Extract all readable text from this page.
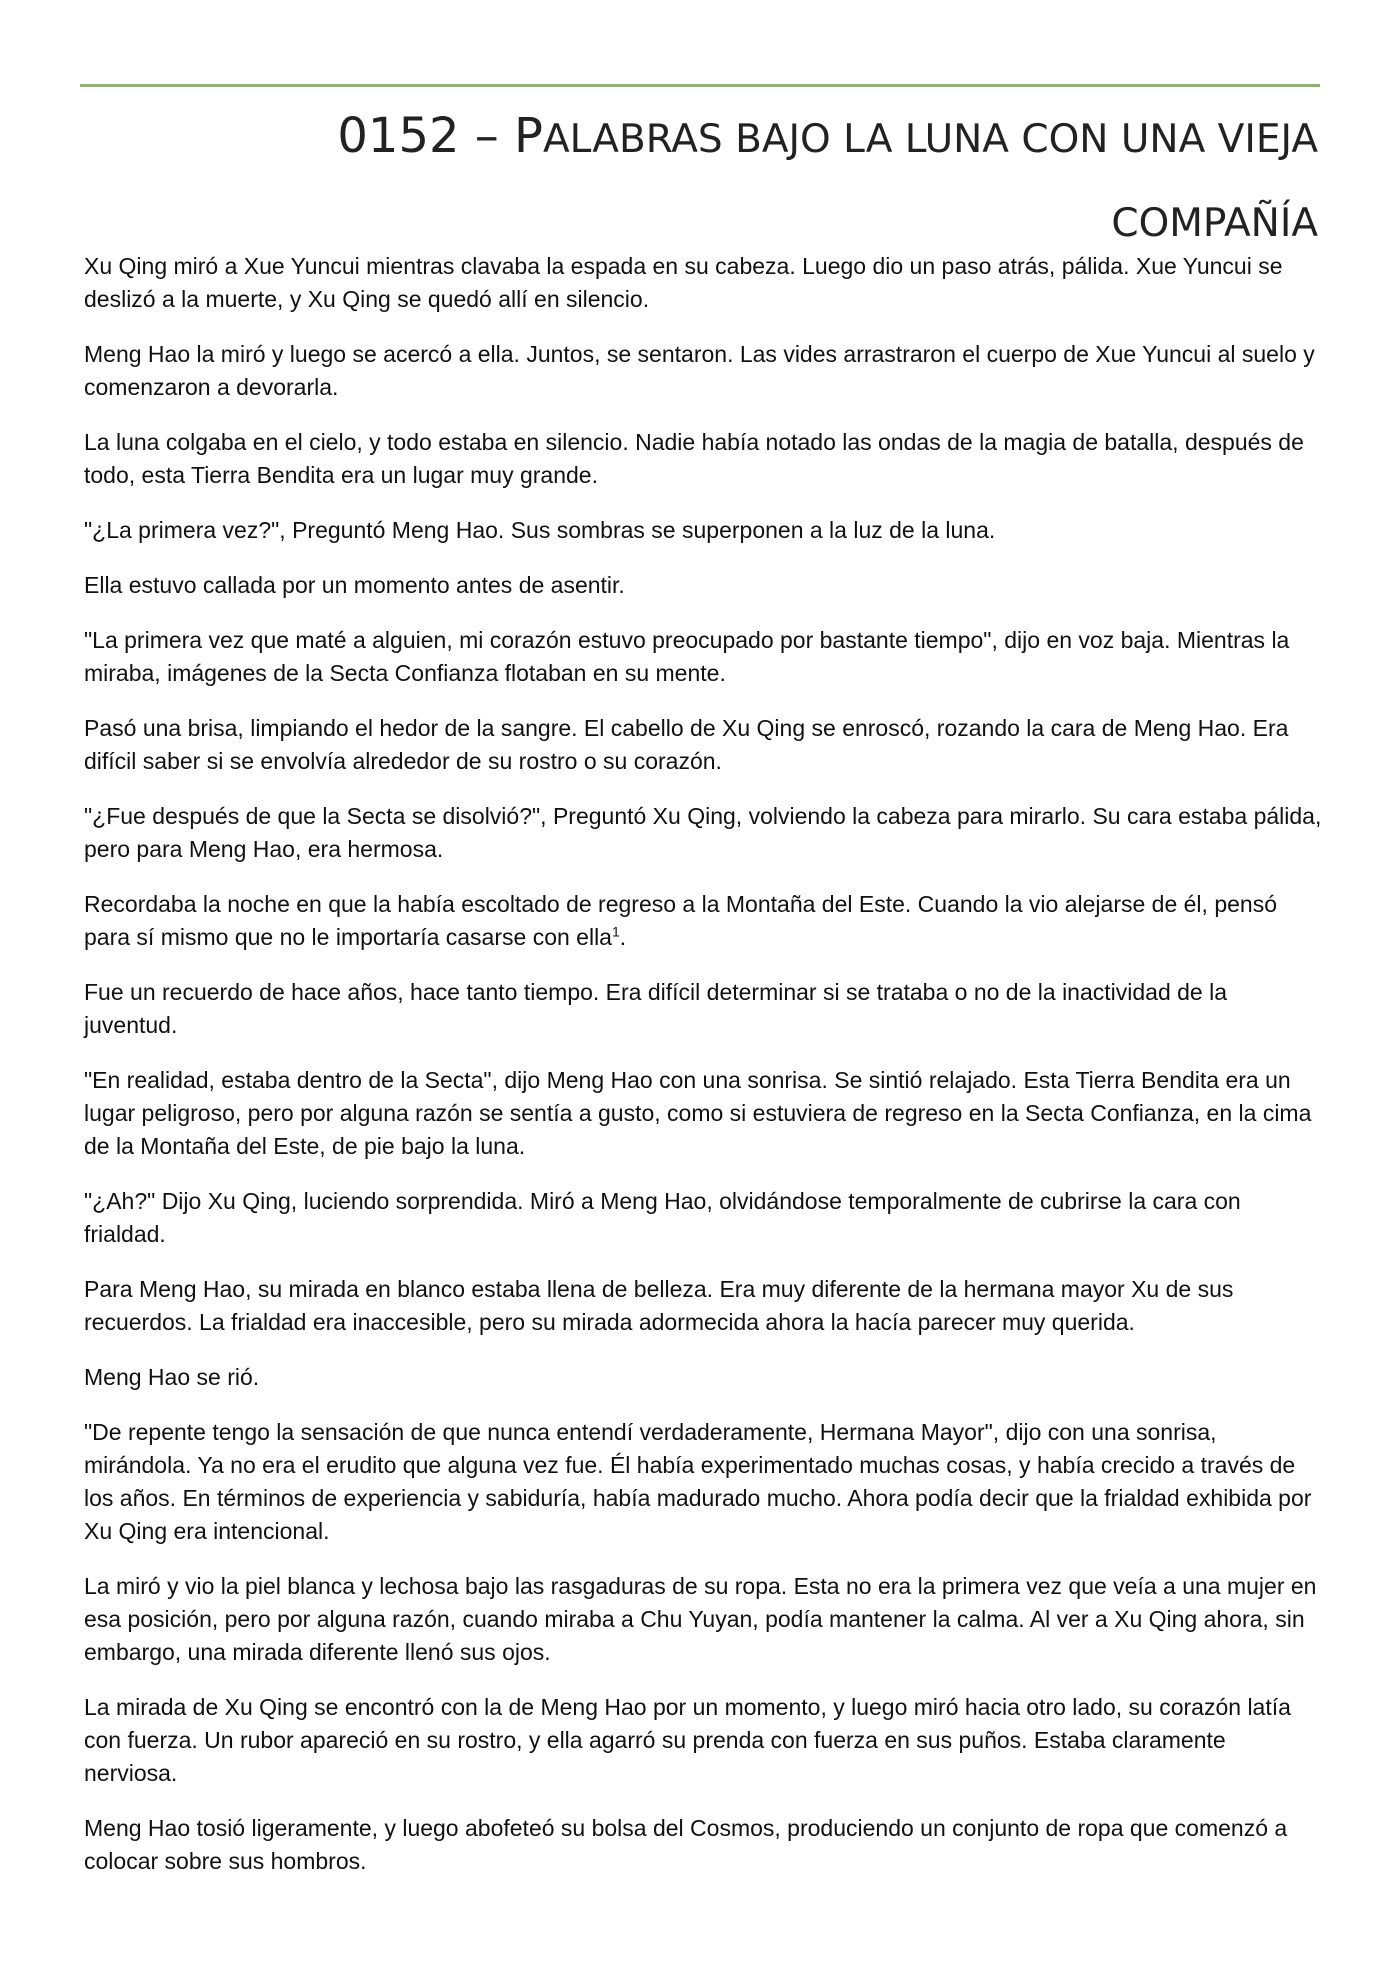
0152 – PALABRAS BAJO LA LUNA CON UNA VIEJA
COMPAÑÍA

Xu Qing miró a Xue Yuncui mientras clavaba la espada en su cabeza. Luego dio un paso atrás, pálida. Xue Yuncui se deslizó a la muerte, y Xu Qing se quedó allí en silencio.

Meng Hao la miró y luego se acercó a ella. Juntos, se sentaron. Las vides arrastraron el cuerpo de Xue Yuncui al suelo y comenzaron a devorarla.

La luna colgaba en el cielo, y todo estaba en silencio. Nadie había notado las ondas de la magia de batalla, después de todo, esta Tierra Bendita era un lugar muy grande.

"¿La primera vez?", Preguntó Meng Hao. Sus sombras se superponen a la luz de la luna.

Ella estuvo callada por un momento antes de asentir.

"La primera vez que maté a alguien, mi corazón estuvo preocupado por bastante tiempo", dijo en voz baja. Mientras la miraba, imágenes de la Secta Confianza flotaban en su mente.

Pasó una brisa, limpiando el hedor de la sangre. El cabello de Xu Qing se enroscó, rozando la cara de Meng Hao. Era difícil saber si se envolvía alrededor de su rostro o su corazón.

"¿Fue después de que la Secta se disolvió?", Preguntó Xu Qing, volviendo la cabeza para mirarlo. Su cara estaba pálida, pero para Meng Hao, era hermosa.

Recordaba la noche en que la había escoltado de regreso a la Montaña del Este. Cuando la vio alejarse de él, pensó para sí mismo que no le importaría casarse con ella$^1$.

Fue un recuerdo de hace años, hace tanto tiempo. Era difícil determinar si se trataba o no de la inactividad de la juventud.

"En realidad, estaba dentro de la Secta", dijo Meng Hao con una sonrisa. Se sintió relajado. Esta Tierra Bendita era un lugar peligroso, pero por alguna razón se sentía a gusto, como si estuviera de regreso en la Secta Confianza, en la cima de la Montaña del Este, de pie bajo la luna.

"¿Ah?" Dijo Xu Qing, luciendo sorprendida. Miró a Meng Hao, olvidándose temporalmente de cubrirse la cara con frialdad.

Para Meng Hao, su mirada en blanco estaba llena de belleza. Era muy diferente de la hermana mayor Xu de sus recuerdos. La frialdad era inaccesible, pero su mirada adormecida ahora la hacía parecer muy querida.

Meng Hao se rió.

"De repente tengo la sensación de que nunca entendí verdaderamente, Hermana Mayor", dijo con una sonrisa, mirándola. Ya no era el erudito que alguna vez fue. Él había experimentado muchas cosas, y había crecido a través de los años. En términos de experiencia y sabiduría, había madurado mucho. Ahora podía decir que la frialdad exhibida por Xu Qing era intencional.

La miró y vio la piel blanca y lechosa bajo las rasgaduras de su ropa. Esta no era la primera vez que veía a una mujer en esa posición, pero por alguna razón, cuando miraba a Chu Yuyan, podía mantener la calma. Al ver a Xu Qing ahora, sin embargo, una mirada diferente llenó sus ojos.

La mirada de Xu Qing se encontró con la de Meng Hao por un momento, y luego miró hacia otro lado, su corazón latía con fuerza. Un rubor apareció en su rostro, y ella agarró su prenda con fuerza en sus puños. Estaba claramente nerviosa.

Meng Hao tosió ligeramente, y luego abofeteó su bolsa del Cosmos, produciendo un conjunto de ropa que comenzó a colocar sobre sus hombros.
